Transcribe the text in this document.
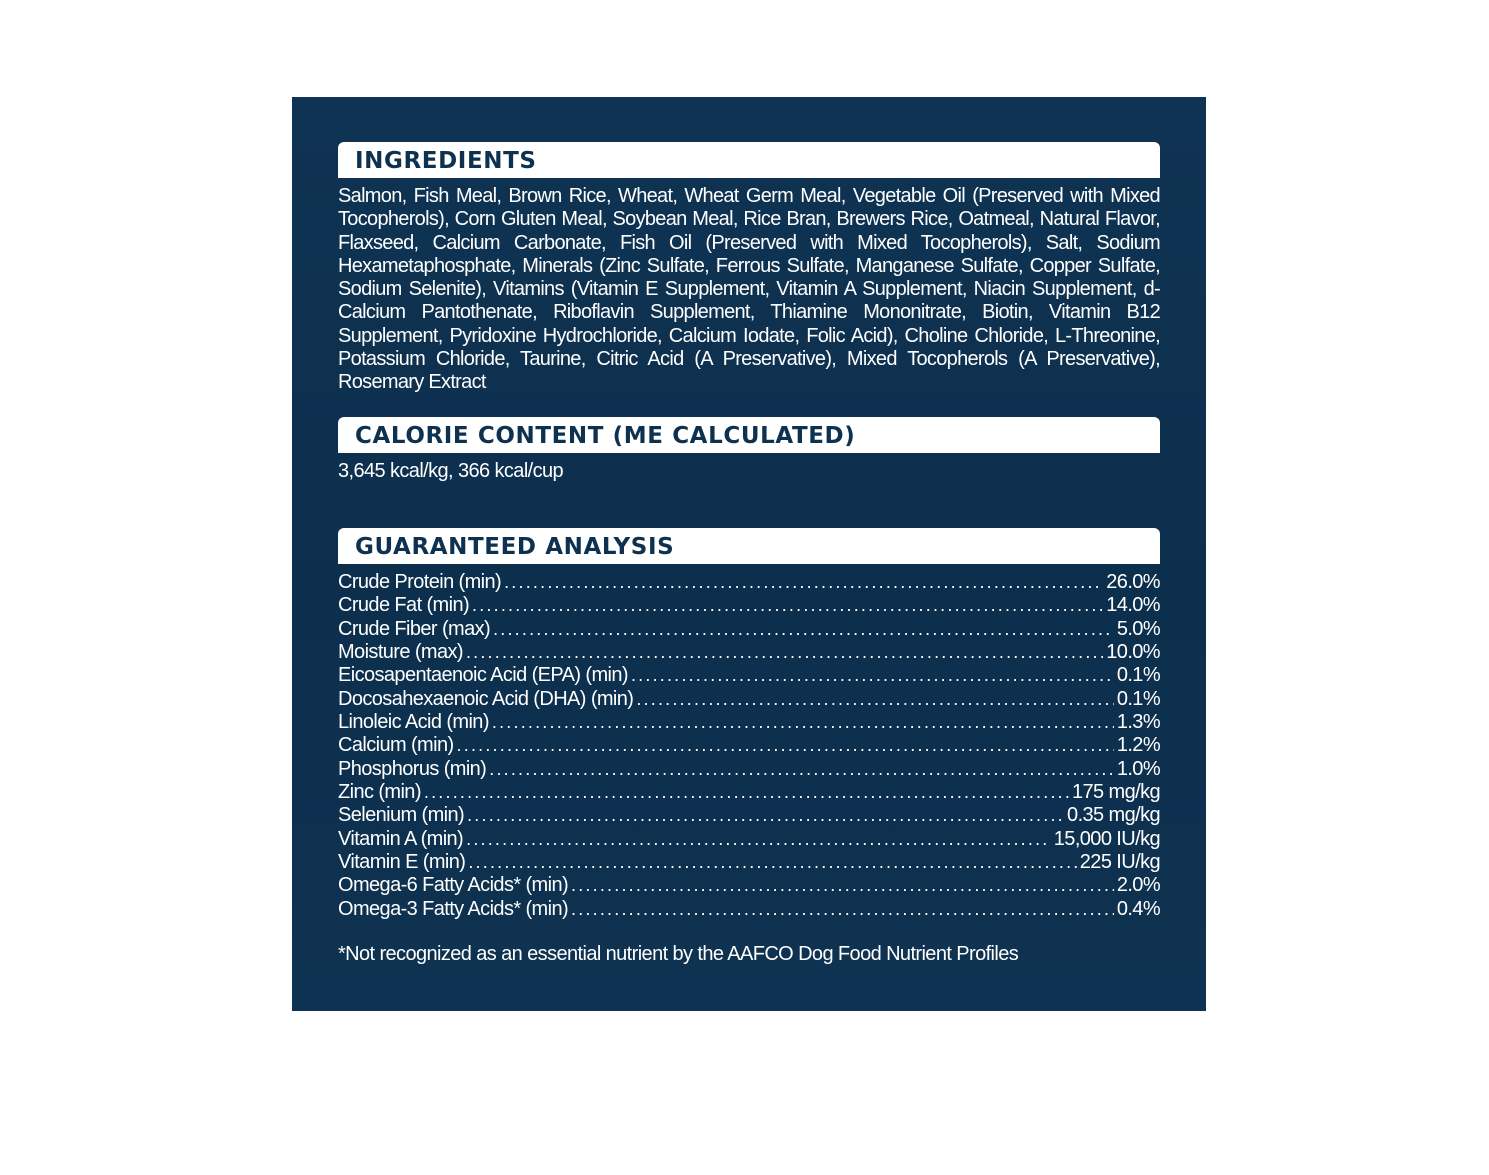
INGREDIENTS
Salmon, Fish Meal, Brown Rice, Wheat, Wheat Germ Meal, Vegetable Oil (Preserved with Mixed Tocopherols), Corn Gluten Meal, Soybean Meal, Rice Bran, Brewers Rice, Oatmeal, Natural Flavor, Flaxseed, Calcium Carbonate, Fish Oil (Preserved with Mixed Tocopherols), Salt, Sodium Hexametaphosphate, Minerals (Zinc Sulfate, Ferrous Sulfate, Manganese Sulfate, Copper Sulfate, Sodium Selenite), Vitamins (Vitamin E Supplement, Vitamin A Supplement, Niacin Supplement, d-Calcium Pantothenate, Riboflavin Supplement, Thiamine Mononitrate, Biotin, Vitamin B12 Supplement, Pyridoxine Hydrochloride, Calcium Iodate, Folic Acid), Choline Chloride, L-Threonine, Potassium Chloride, Taurine, Citric Acid (A Preservative), Mixed Tocopherols (A Preservative), Rosemary Extract
CALORIE CONTENT (ME CALCULATED)
3,645 kcal/kg, 366 kcal/cup
GUARANTEED ANALYSIS
Crude Protein (min) . . .	26.0%
Crude Fat (min) . . .	14.0%
Crude Fiber (max) . . .	5.0%
Moisture (max) . . .	10.0%
Eicosapentaenoic Acid (EPA) (min) . . .	0.1%
Docosahexaenoic Acid (DHA) (min) . . .	0.1%
Linoleic Acid (min) . . .	1.3%
Calcium (min) . . .	1.2%
Phosphorus (min) . . .	1.0%
Zinc (min) . . .	175 mg/kg
Selenium (min) . . .	0.35 mg/kg
Vitamin A (min) . . .	15,000 IU/kg
Vitamin E (min) . . .	225 IU/kg
Omega-6 Fatty Acids* (min) . . .	2.0%
Omega-3 Fatty Acids* (min) . . .	0.4%
*Not recognized as an essential nutrient by the AAFCO Dog Food Nutrient Profiles
